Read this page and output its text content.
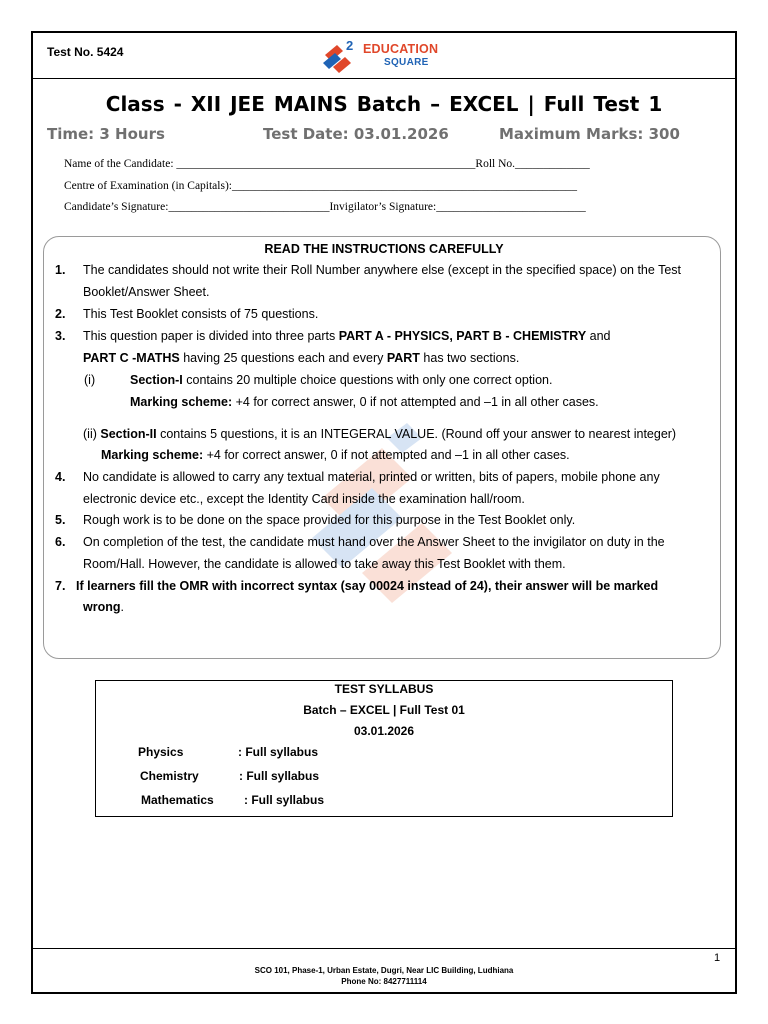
Test No. 5424	2 EDUCATION
SQUARE
Class - XII JEE MAINS Batch – EXCEL | Full Test 1
Time: 3 Hours	Test Date: 03.01.2026	Maximum Marks: 300
Name of the Candidate: ____________________________________________________Roll No._____________
Centre of Examination (in Capitals):____________________________________________________________
Candidate’s Signature:____________________________Invigilator’s Signature:__________________________
READ THE INSTRUCTIONS CAREFULLY
1. The candidates should not write their Roll Number anywhere else (except in the specified space) on the Test
Booklet/Answer Sheet.
2. This Test Booklet consists of 75 questions.
3. This question paper is divided into three parts PART A - PHYSICS, PART B - CHEMISTRY and
PART C -MATHS having 25 questions each and every PART has two sections.
(i)	Section-I contains 20 multiple choice questions with only one correct option.
Marking scheme: +4 for correct answer, 0 if not attempted and –1 in all other cases.
(ii) Section-II contains 5 questions, it is an INTEGERAL VALUE. (Round off your answer to nearest integer)
Marking scheme: +4 for correct answer, 0 if not attempted and –1 in all other cases.
4. No candidate is allowed to carry any textual material, printed or written, bits of papers, mobile phone any
electronic device etc., except the Identity Card inside the examination hall/room.
5. Rough work is to be done on the space provided for this purpose in the Test Booklet only.
6. On completion of the test, the candidate must hand over the Answer Sheet to the invigilator on duty in the
Room/Hall. However, the candidate is allowed to take away this Test Booklet with them.
7. If learners fill the OMR with incorrect syntax (say 00024 instead of 24), their answer will be marked
wrong.
TEST SYLLABUS
Batch – EXCEL | Full Test 01
03.01.2026
Physics	: Full syllabus
Chemistry	: Full syllabus
Mathematics	: Full syllabus
1
SCO 101, Phase-1, Urban Estate, Dugri, Near LIC Building, Ludhiana
Phone No: 8427711114
